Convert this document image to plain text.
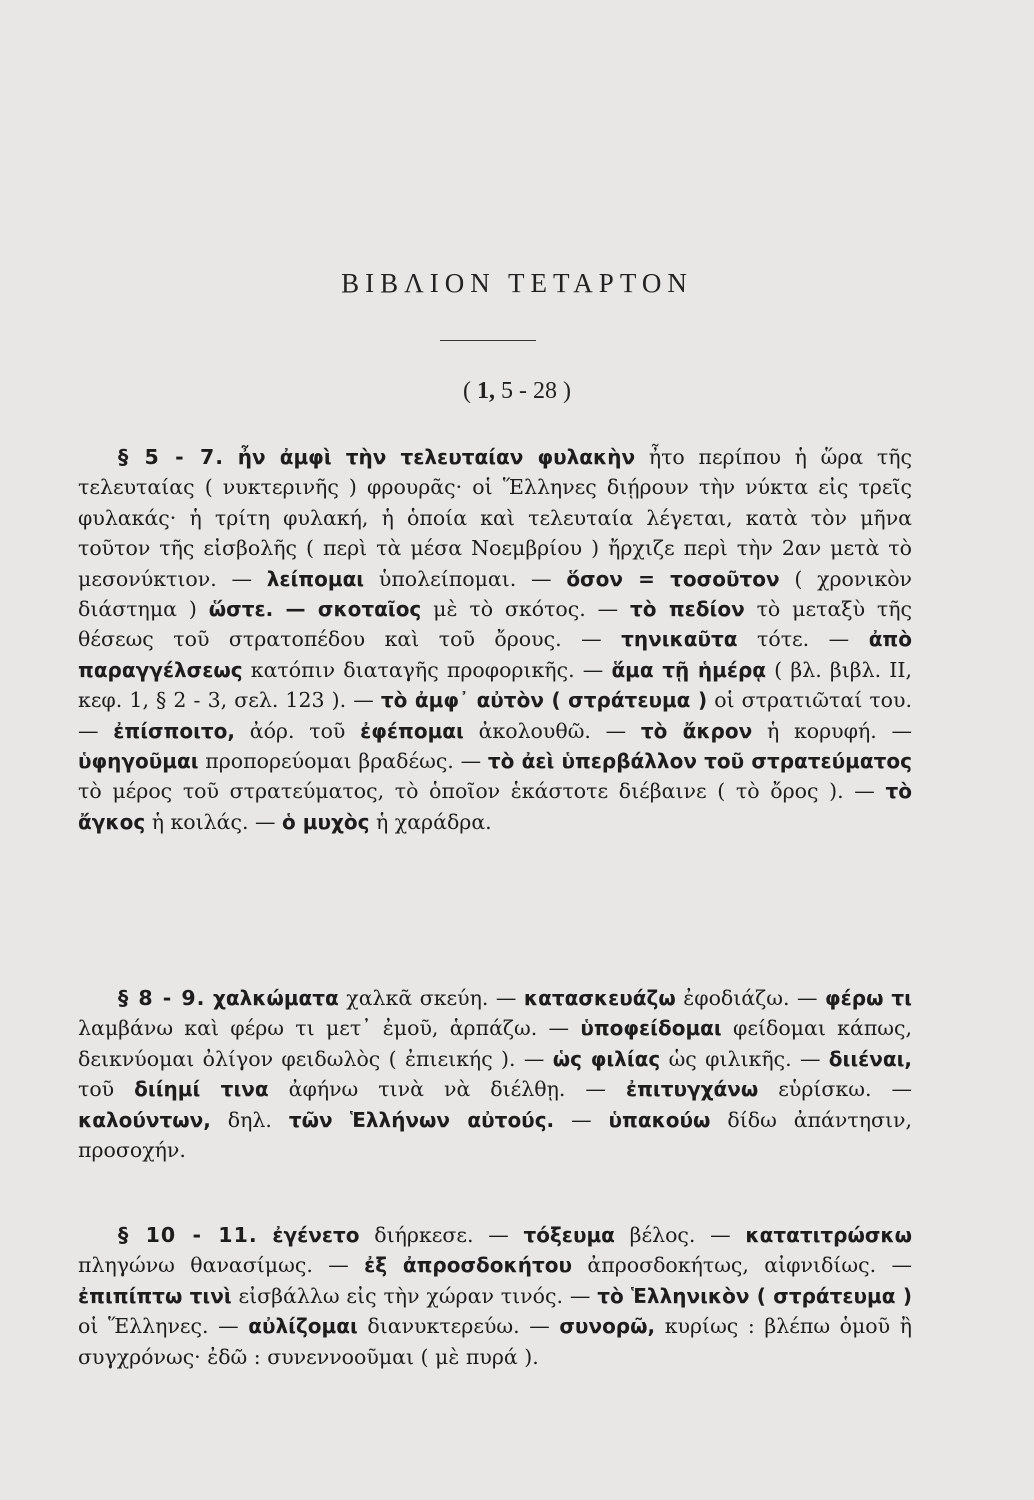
ΒΙΒΛΙΟΝ ΤΕΤΑΡΤΟΝ
( 1, 5 - 28 )

§ 5 - 7. ἦν ἀμφὶ τὴν τελευταίαν φυλακὴν ἦτο περίπου ἡ ὥρα τῆς τελευταίας ( νυκτερινῆς ) φρουρᾶς· οἱ Ἕλληνες διῄρουν τὴν νύκτα εἰς τρεῖς φυλακάς· ἡ τρίτη φυλακή, ἡ ὁποία καὶ τελευταία λέγεται, κατὰ τὸν μῆνα τοῦτον τῆς εἰσβολῆς ( περὶ τὰ μέσα Νοεμβρίου ) ἤρχιζε περὶ τὴν 2αν μετὰ τὸ μεσονύκτιον. — λείπομαι ὑπολείπομαι. — ὅσον = τοσοῦτον ( χρονικὸν διάστημα ) ὥστε. — σκοταῖος μὲ τὸ σκότος. — τὸ πεδίον τὸ μεταξὺ τῆς θέσεως τοῦ στρατοπέδου καὶ τοῦ ὄρους. — τηνικαῦτα τότε. — ἀπὸ παραγγέλσεως κατόπιν διαταγῆς προφορικῆς. — ἅμα τῇ ἡμέρᾳ ( βλ. βιβλ. II, κεφ. 1, § 2 - 3, σελ. 123 ). — τὸ ἀμφ᾽ αὐτὸν ( στράτευμα ) οἱ στρατιῶταί του. — ἐπίσποιτο, ἀόρ. τοῦ ἐφέπομαι ἀκολουθῶ. — τὸ ἄκρον ἡ κορυφή. — ὑφηγοῦμαι προπορεύομαι βραδέως. — τὸ ἀεὶ ὑπερβάλλον τοῦ στρατεύματος τὸ μέρος τοῦ στρατεύματος, τὸ ὁποῖον ἑκάστοτε διέβαινε ( τὸ ὄρος ). — τὸ ἄγκος ἡ κοιλάς. — ὁ μυχὸς ἡ χαράδρα.

§ 8 - 9. χαλκώματα χαλκᾶ σκεύη. — κατασκευάζω ἐφοδιάζω. — φέρω τι λαμβάνω καὶ φέρω τι μετ᾽ ἐμοῦ, ἁρπάζω. — ὑποφείδομαι φείδομαι κάπως, δεικνύομαι ὀλίγον φειδωλὸς ( ἐπιεικής ). — ὡς φιλίας ὡς φιλικῆς. — διιέναι, τοῦ διίημί τινα ἀφήνω τινὰ νὰ διέλθῃ. — ἐπιτυγχάνω εὑρίσκω. — καλούντων, δηλ. τῶν Ἑλλήνων αὐτούς. — ὑπακούω δίδω ἀπάντησιν, προσοχήν.

§ 10 - 11. ἐγένετο διήρκεσε. — τόξευμα βέλος. — κατατιτρώσκω πληγώνω θανασίμως. — ἐξ ἀπροσδοκήτου ἀπροσδοκήτως, αἰφνιδίως. — ἐπιπίπτω τινὶ εἰσβάλλω εἰς τὴν χώραν τινός. — τὸ Ἑλληνικὸν ( στράτευμα ) οἱ Ἕλληνες. — αὐλίζομαι διανυκτερεύω. — συνορῶ, κυρίως : βλέπω ὁμοῦ ἢ συγχρόνως· ἐδῶ : συνεννοοῦμαι ( μὲ πυρά ).
